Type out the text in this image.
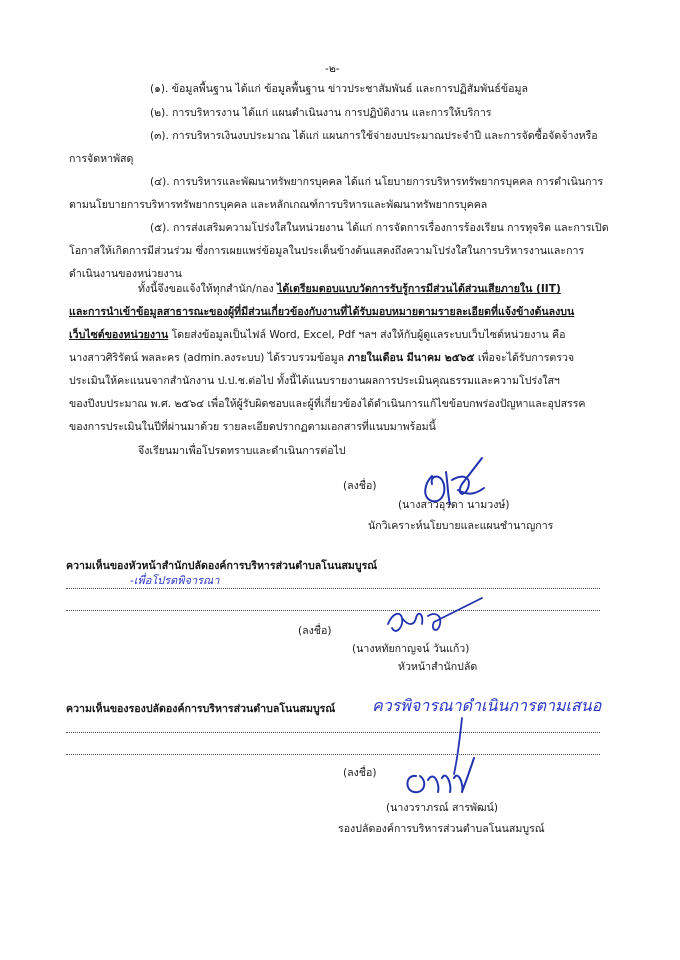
-๒-
(๑). ข้อมูลพื้นฐาน ได้แก่ ข้อมูลพื้นฐาน ข่าวประชาสัมพันธ์ และการปฏิสัมพันธ์ข้อมูล
(๒). การบริหารงาน ได้แก่ แผนดำเนินงาน การปฏิบัติงาน และการให้บริการ
(๓). การบริหารเงินงบประมาณ ได้แก่ แผนการใช้จ่ายงบประมาณประจำปี และการจัดซื้อจัดจ้างหรือ
การจัดหาพัสดุ
(๔). การบริหารและพัฒนาทรัพยากรบุคคล ได้แก่ นโยบายการบริหารทรัพยากรบุคคล การดำเนินการ
ตามนโยบายการบริหารทรัพยากรบุคคล และหลักเกณฑ์การบริหารและพัฒนาทรัพยากรบุคคล
(๕). การส่งเสริมความโปร่งใสในหน่วยงาน ได้แก่ การจัดการเรื่องการร้องเรียน การทุจริต และการเปิด
โอกาสให้เกิดการมีส่วนร่วม ซึ่งการเผยแพร่ข้อมูลในประเด็นข้างต้นแสดงถึงความโปร่งใสในการบริหารงานและการ
ดำเนินงานของหน่วยงาน
ทั้งนี้จึงขอแจ้งให้ทุกสำนัก/กอง ได้เตรียมตอบแบบวัดการรับรู้การมีส่วนได้ส่วนเสียภายใน (IIT)
และการนำเข้าข้อมูลสาธารณะของผู้ที่มีส่วนเกี่ยวข้องกับงานที่ได้รับมอบหมายตามรายละเอียดที่แจ้งข้างต้นลงบน
เว็บไซต์ของหน่วยงาน โดยส่งข้อมูลเป็นไฟล์ Word, Excel, Pdf ฯลฯ ส่งให้กับผู้ดูแลระบบเว็บไซต์หน่วยงาน คือ
นางสาวศิริรัตน์ พลละคร (admin.ลงระบบ) ได้รวบรวมข้อมูล ภายในเดือน มีนาคม ๒๕๖๕ เพื่อจะได้รับการตรวจ
ประเมินให้คะแนนจากสำนักงาน ป.ป.ช.ต่อไป ทั้งนี้ได้แนบรายงานผลการประเมินคุณธรรมและความโปร่งใสฯ
ของปีงบประมาณ พ.ศ. ๒๕๖๔ เพื่อให้ผู้รับผิดชอบและผู้ที่เกี่ยวข้องได้ดำเนินการแก้ไขข้อบกพร่องปัญหาและอุปสรรค
ของการประเมินในปีที่ผ่านมาด้วย รายละเอียดปรากฏตามเอกสารที่แนบมาพร้อมนี้
จึงเรียนมาเพื่อโปรดทราบและดำเนินการต่อไป
(ลงชื่อ)
(นางสาวอุรดา นามวงษ์)
นักวิเคราะห์นโยบายและแผนชำนาญการ
ความเห็นของหัวหน้าสำนักปลัดองค์การบริหารส่วนตำบลโนนสมบูรณ์
-เพื่อโปรดพิจารณา
(ลงชื่อ)
(นางหทัยกาญจน์ วันแก้ว)
หัวหน้าสำนักปลัด
ความเห็นของรองปลัดองค์การบริหารส่วนตำบลโนนสมบูรณ์ ควรพิจารณาดำเนินการตามเสนอ
(ลงชื่อ)
(นางวราภรณ์ สารพัฒน์)
รองปลัดองค์การบริหารส่วนตำบลโนนสมบูรณ์
